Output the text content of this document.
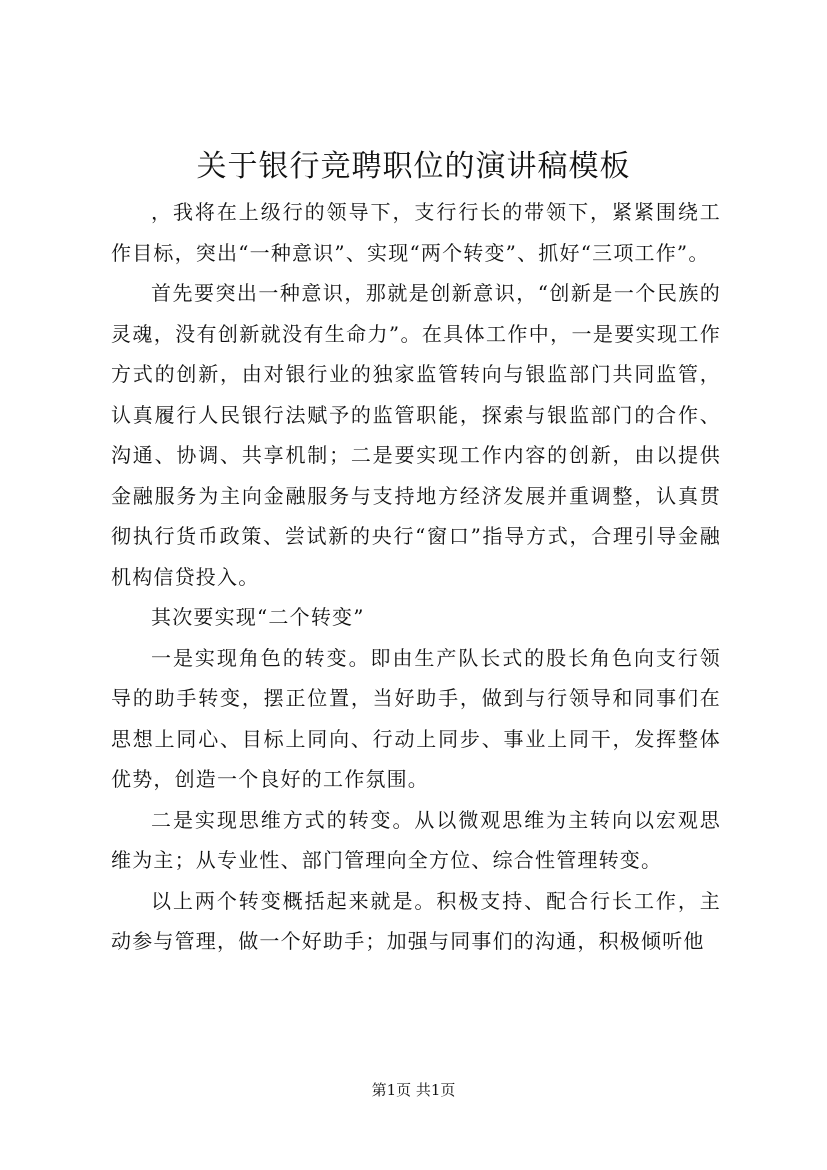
关于银行竞聘职位的演讲稿模板

，我将在上级行的领导下，支行行长的带领下，紧紧围绕工作目标，突出“一种意识”、实现“两个转变”、抓好“三项工作”。

首先要突出一种意识，那就是创新意识，“创新是一个民族的灵魂，没有创新就没有生命力”。在具体工作中，一是要实现工作方式的创新，由对银行业的独家监管转向与银监部门共同监管，认真履行人民银行法赋予的监管职能，探索与银监部门的合作、沟通、协调、共享机制；二是要实现工作内容的创新，由以提供金融服务为主向金融服务与支持地方经济发展并重调整，认真贯彻执行货币政策、尝试新的央行“窗口”指导方式，合理引导金融机构信贷投入。

其次要实现“二个转变”

一是实现角色的转变。即由生产队长式的股长角色向支行领导的助手转变，摆正位置，当好助手，做到与行领导和同事们在思想上同心、目标上同向、行动上同步、事业上同干，发挥整体优势，创造一个良好的工作氛围。

二是实现思维方式的转变。从以微观思维为主转向以宏观思维为主；从专业性、部门管理向全方位、综合性管理转变。

以上两个转变概括起来就是。积极支持、配合行长工作，主动参与管理，做一个好助手；加强与同事们的沟通，积极倾听他

第1页 共1页
